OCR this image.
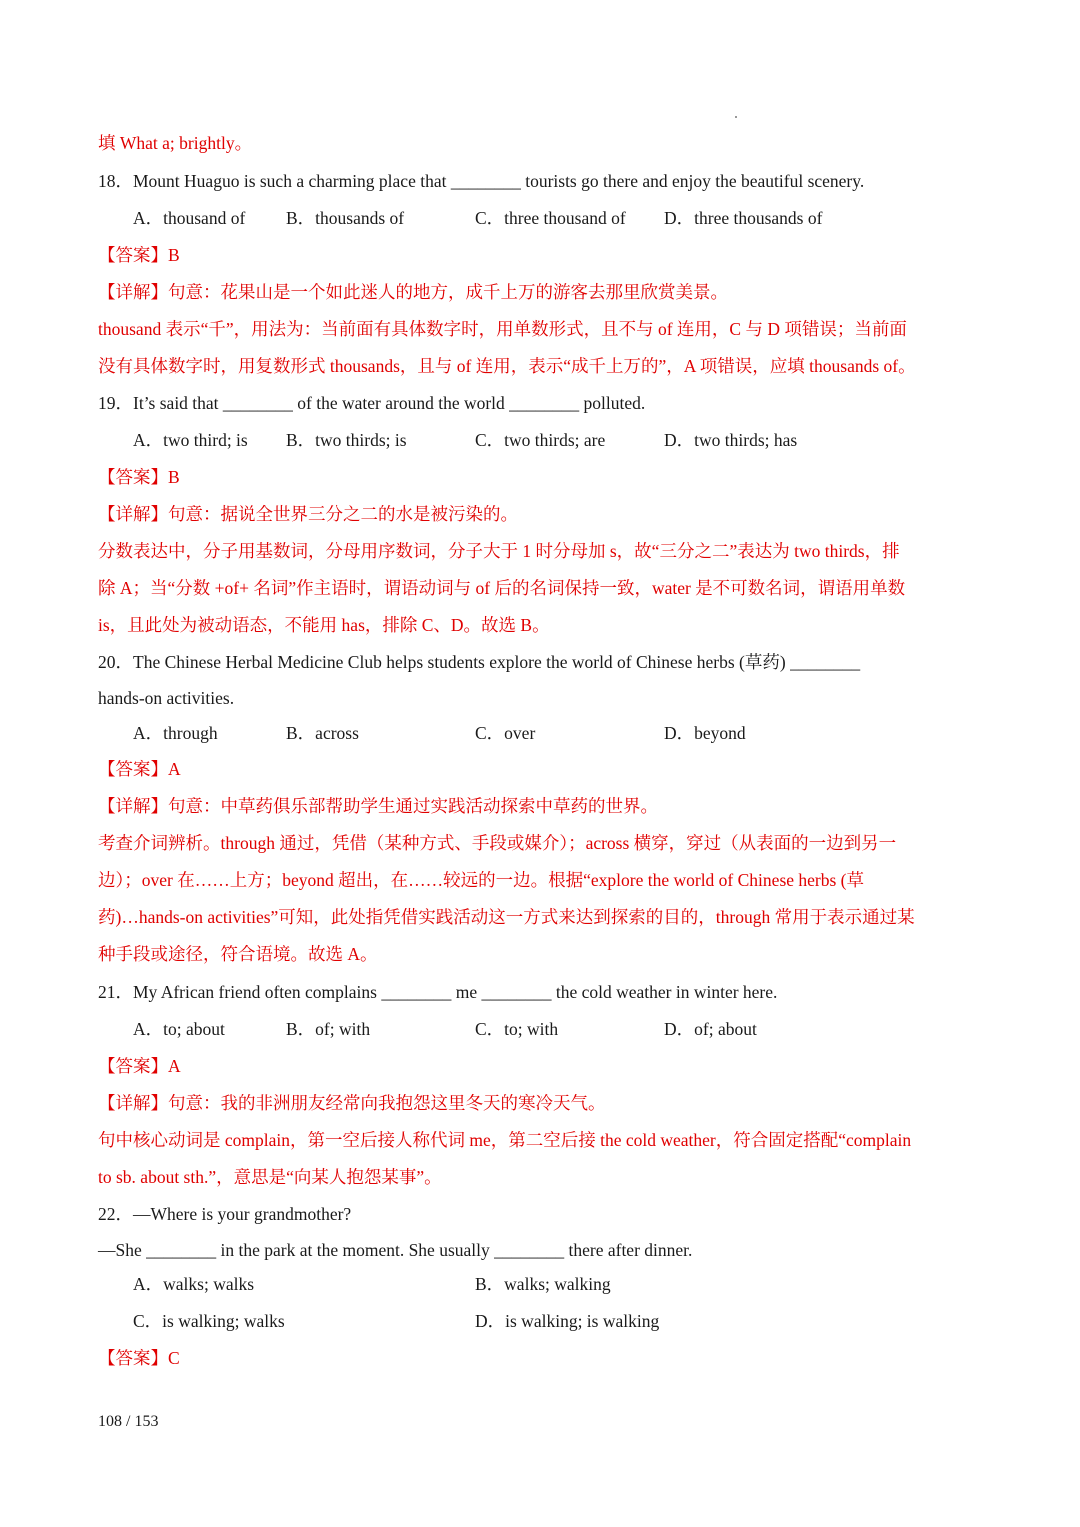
填 What a; brightly。
18．Mount Huaguo is such a charming place that ________ tourists go there and enjoy the beautiful scenery.
A．thousand of B．thousands of	C．three thousand of D．three thousands of
【答案】B
【详解】句意：花果山是一个如此迷人的地方，成千上万的游客去那里欣赏美景。
thousand 表示“千”，用法为：当前面有具体数字时，用单数形式，且不与 of 连用，C 与 D 项错误；当前面
没有具体数字时，用复数形式 thousands，且与 of 连用，表示“成千上万的”，A 项错误，应填 thousands of。
19．It’s said that ________ of the water around the world ________ polluted.
A．two third; is B．two thirds; is	C．two thirds; are	D．two thirds; has
【答案】B
【详解】句意：据说全世界三分之二的水是被污染的。
分数表达中，分子用基数词，分母用序数词，分子大于 1 时分母加 s，故“三分之二”表达为 two thirds，排
除 A；当“分数 +of+ 名词”作主语时，谓语动词与 of 后的名词保持一致，water 是不可数名词，谓语用单数
is，且此处为被动语态，不能用 has，排除 C、D。故选 B。
20．The Chinese Herbal Medicine Club helps students explore the world of Chinese herbs (草药) ________
hands-on activities.
A．through	B．across	C．over	D．beyond
【答案】A
【详解】句意：中草药俱乐部帮助学生通过实践活动探索中草药的世界。
考查介词辨析。through 通过，凭借（某种方式、手段或媒介）；across 横穿，穿过（从表面的一边到另一
边）；over 在……上方；beyond 超出，在……较远的一边。根据“explore the world of Chinese herbs (草
药)…hands-on activities”可知，此处指凭借实践活动这一方式来达到探索的目的，through 常用于表示通过某
种手段或途径，符合语境。故选 A。
21．My African friend often complains ________ me ________ the cold weather in winter here.
A．to; about	B．of; with	C．to; with	D．of; about
【答案】A
【详解】句意：我的非洲朋友经常向我抱怨这里冬天的寒冷天气。
句中核心动词是 complain，第一空后接人称代词 me，第二空后接 the cold weather，符合固定搭配“complain
to sb. about sth.”，意思是“向某人抱怨某事”。
22．—Where is your grandmother?
—She ________ in the park at the moment. She usually ________ there after dinner.
A．walks; walks	B．walks; walking
C．is walking; walks	D．is walking; is walking
【答案】C
108 / 153
